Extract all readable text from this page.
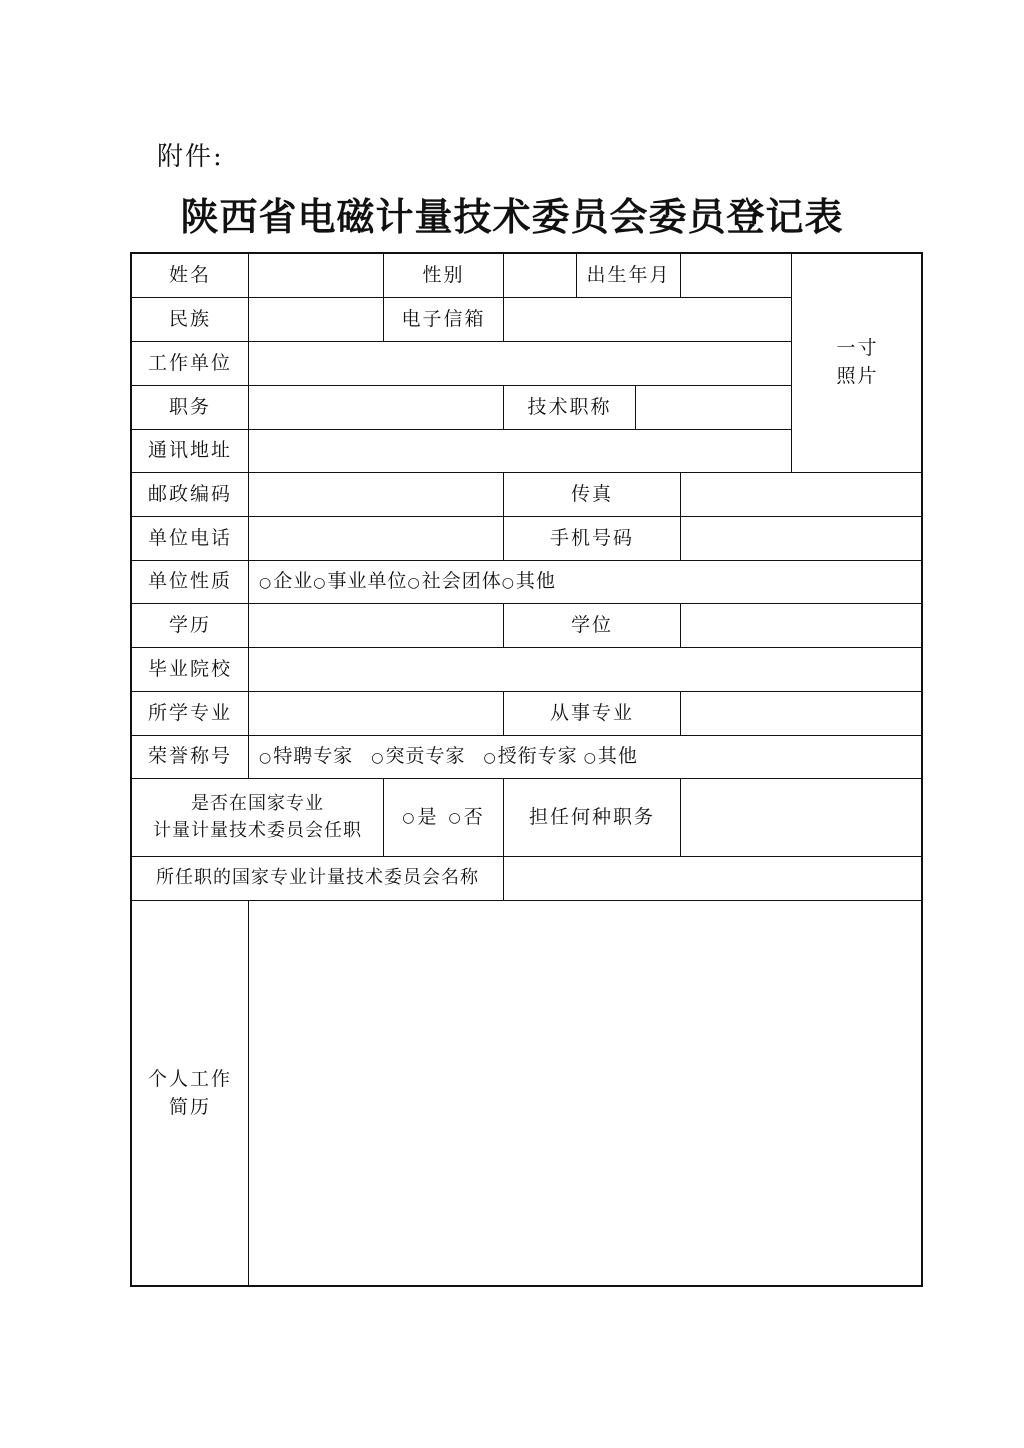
附件:
陕西省电磁计量技术委员会委员登记表
姓名	性别	出生年月
一寸
照片
民族	电子信箱
工作单位
职务	技术职称
通讯地址
邮政编码	传真
单位电话	手机号码
单位性质	○ 企业 ○ 事业单位 ○ 社会团体 ○ 其他
学历	学位
毕业院校
所学专业	从事专业
荣誉称号	○ 特聘专家 ○ 突贡专家 ○ 授衔专家 ○ 其他
是否在国家专业
计量计量技术委员会任职
○ 是 ○ 否	担任何种职务
所任职的国家专业计量技术委员会名称
个人工作
简历
